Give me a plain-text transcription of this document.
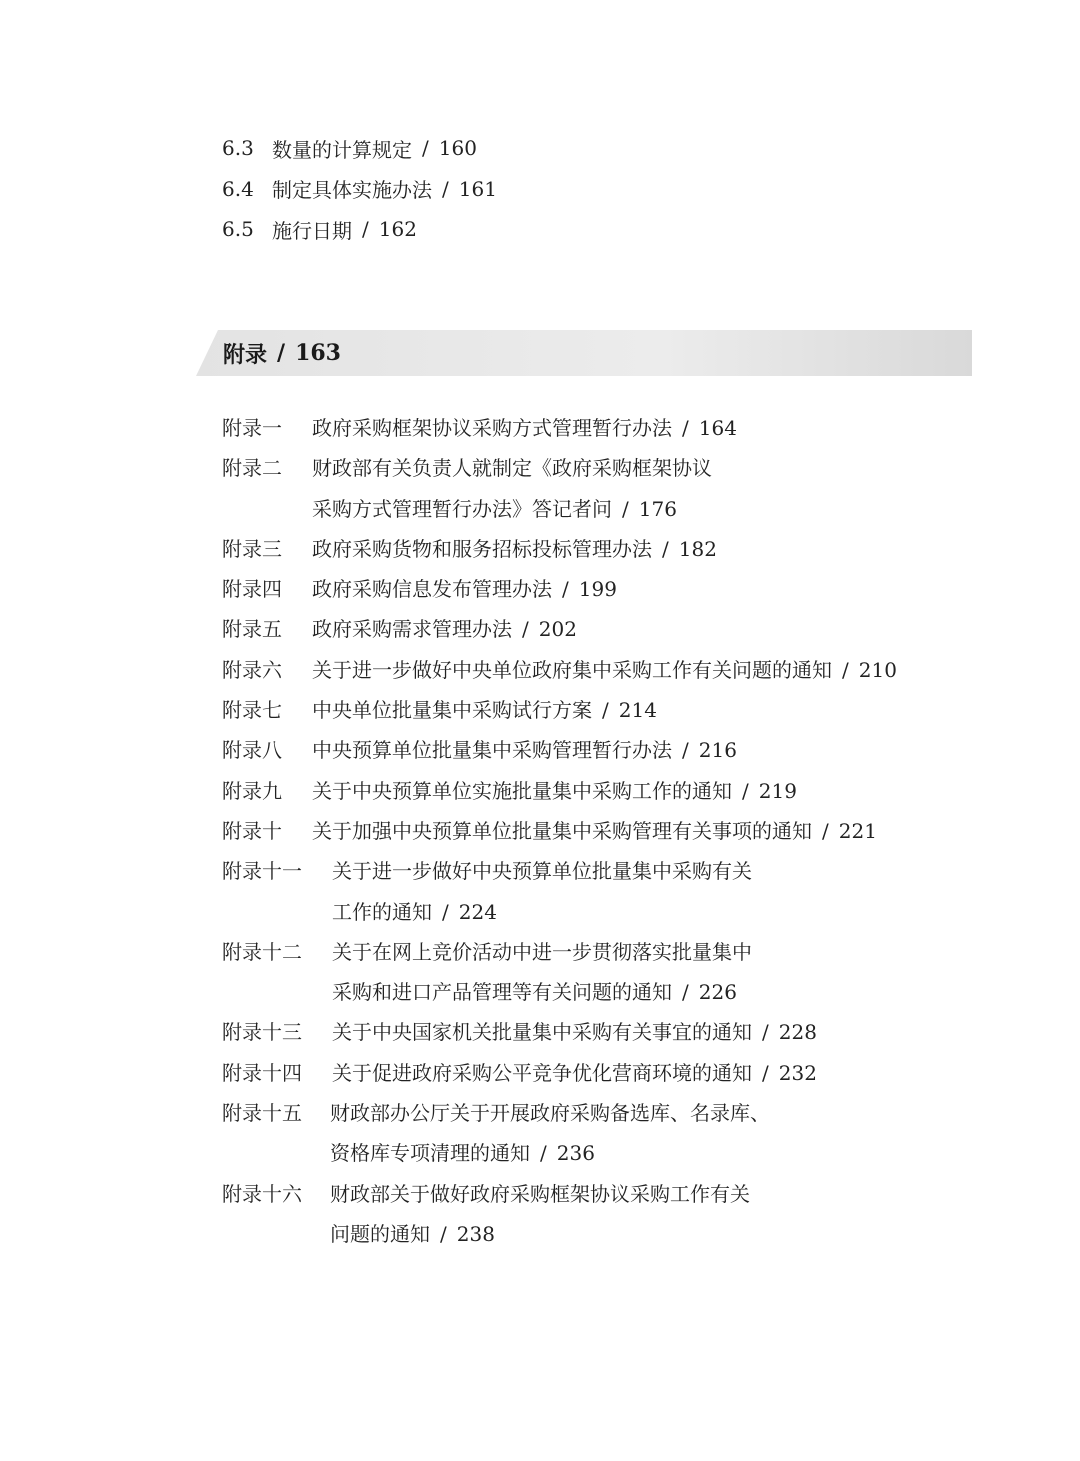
6.3 数量的计算规定 / 160
6.4 制定具体实施办法 / 161
6.5 施行日期 / 162
附录 / 163
附录一	政府采购框架协议采购方式管理暂行办法 / 164
附录二	财政部有关负责人就制定《政府采购框架协议
采购方式管理暂行办法》答记者问 / 176
附录三	政府采购货物和服务招标投标管理办法 / 182
附录四	政府采购信息发布管理办法 / 199
附录五	政府采购需求管理办法 / 202
附录六	关于进一步做好中央单位政府集中采购工作有关问题的通知 / 210
附录七	中央单位批量集中采购试行方案 / 214
附录八	中央预算单位批量集中采购管理暂行办法 / 216
附录九	关于中央预算单位实施批量集中采购工作的通知 / 219
附录十	关于加强中央预算单位批量集中采购管理有关事项的通知 / 221
附录十一	关于进一步做好中央预算单位批量集中采购有关
工作的通知 / 224
附录十二	关于在网上竞价活动中进一步贯彻落实批量集中
采购和进口产品管理等有关问题的通知 / 226
附录十三	关于中央国家机关批量集中采购有关事宜的通知 / 228
附录十四	关于促进政府采购公平竞争优化营商环境的通知 / 232
附录十五	财政部办公厅关于开展政府采购备选库、名录库、
资格库专项清理的通知 / 236
附录十六	财政部关于做好政府采购框架协议采购工作有关
问题的通知 / 238
